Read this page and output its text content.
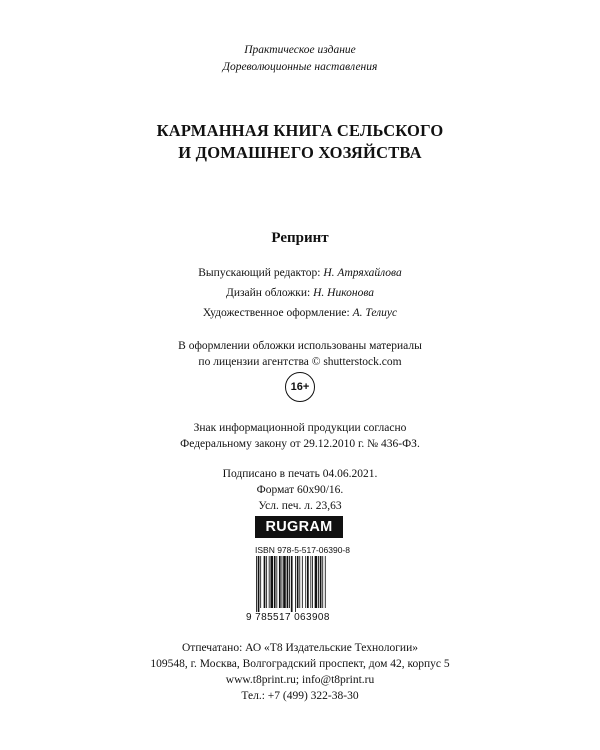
Практическое издание
Дореволюционные наставления
КАРМАННАЯ КНИГА СЕЛЬСКОГО
И ДОМАШНЕГО ХОЗЯЙСТВА
Репринт
Выпускающий редактор: Н. Атряхайлова
Дизайн обложки: Н. Никонова
Художественное оформление: А. Телиус
В оформлении обложки использованы материалы
по лицензии агентства © shutterstock.com
16+
Знак информационной продукции согласно
Федеральному закону от 29.12.2010 г. № 436-ФЗ.
Подписано в печать 04.06.2021.
Формат 60x90/16.
Усл. печ. л. 23,63
RUGRAM
ISBN 978-5-517-06390-8
9 785517 063908
Отпечатано: АО «Т8 Издательские Технологии»
109548, г. Москва, Волгоградский проспект, дом 42, корпус 5
www.t8print.ru; info@t8print.ru
Тел.: +7 (499) 322-38-30
